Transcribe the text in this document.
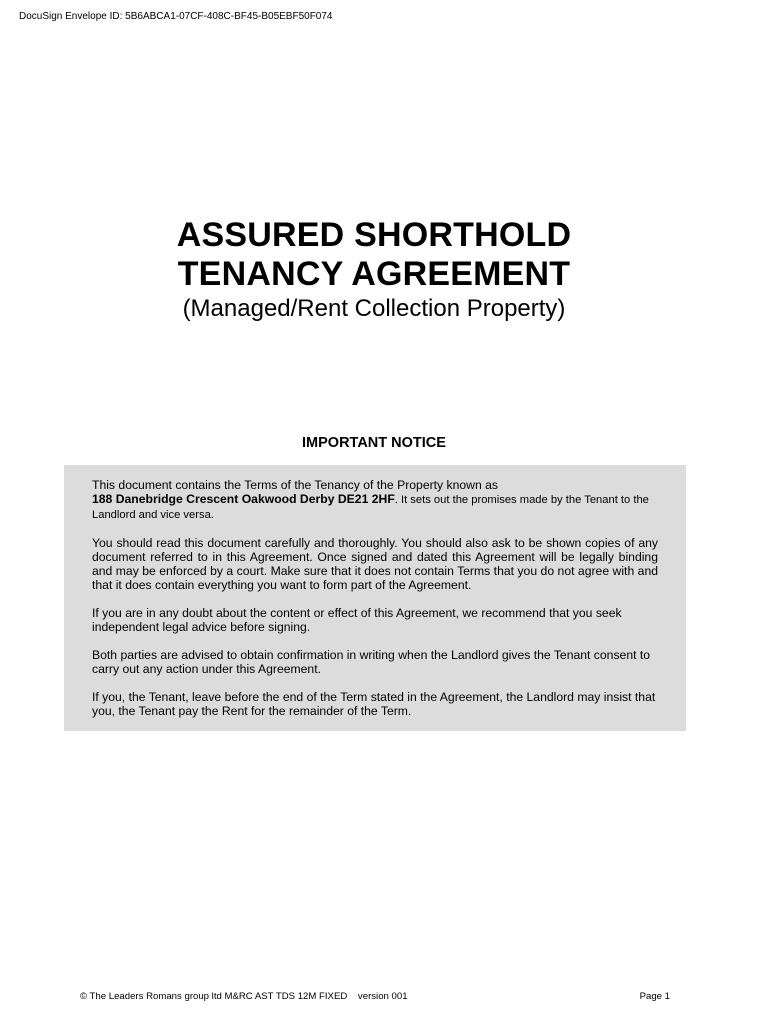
DocuSign Envelope ID: 5B6ABCA1-07CF-408C-BF45-B05EBF50F074
ASSURED SHORTHOLD
TENANCY AGREEMENT
(Managed/Rent Collection Property)
IMPORTANT NOTICE

This document contains the Terms of the Tenancy of the Property known as
188 Danebridge Crescent Oakwood Derby DE21 2HF. It sets out the promises made by the Tenant to the Landlord and vice versa.

You should read this document carefully and thoroughly. You should also ask to be shown copies of any document referred to in this Agreement. Once signed and dated this Agreement will be legally binding and may be enforced by a court. Make sure that it does not contain Terms that you do not agree with and that it does contain everything you want to form part of the Agreement.

If you are in any doubt about the content or effect of this Agreement, we recommend that you seek independent legal advice before signing.

Both parties are advised to obtain confirmation in writing when the Landlord gives the Tenant consent to carry out any action under this Agreement.

If you, the Tenant, leave before the end of the Term stated in the Agreement, the Landlord may insist that you, the Tenant pay the Rent for the remainder of the Term.

© The Leaders Romans group ltd M&RC AST TDS 12M FIXED    version 001	Page 1
